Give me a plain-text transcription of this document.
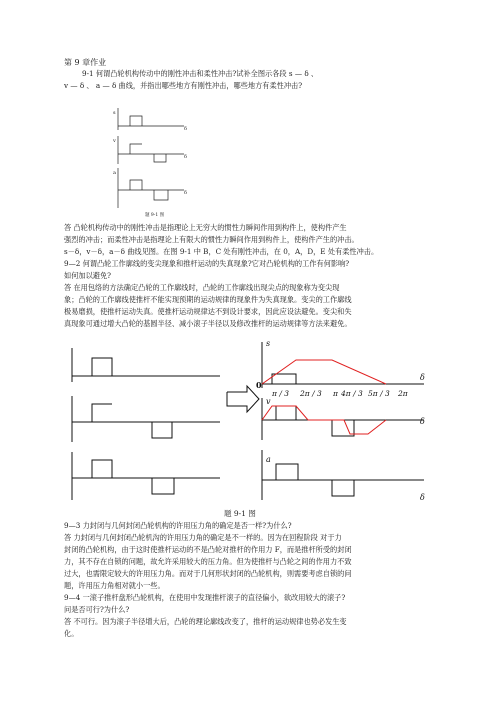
第 9 章作业
9-1 何谓凸轮机构传动中的刚性冲击和柔性冲击?试补全图示各段 s — δ 、
v — δ 、 a — δ 曲线，并指出哪些地方有刚性冲击，哪些地方有柔性冲击?
s
v
a
δ
δ
δ
题 9-1 图
答 凸轮机构传动中的刚性冲击是指理论上无穷大的惯性力瞬间作用到构件上，使构件产生
强烈的冲击；而柔性冲击是指理论上有限大的惯性力瞬间作用到构件上，使构件产生的冲击。
s－δ，v－δ，a－δ 曲线见图。在图 9-1 中 B，C 处有刚性冲击，在 0，A，D，E 处有柔性冲击。
9—2 何谓凸轮工作廓线的变尖现象和推杆运动的失真现象?它对凸轮机构的工作有何影响?
如何加以避免?
答 在用包络的方法确定凸轮的工作廓线时，凸轮的工作廓线出现尖点的现象称为变尖现
象；凸轮的工作廓线使推杆不能实现预期的运动规律的现象件为失真现象。变尖的工作廓线
极易磨损，使推杆运动失真。使推杆运动规律达不到设计要求，因此应设法避免。变尖和失
真现象可通过增大凸轮的基圆半径、减小滚子半径以及修改推杆的运动规律等方法来避免。
s
0
δ
π / 3 2π / 3 π 4π / 3 5π / 3 2π
v
δ
a
δ
题 9-1 图
9—3 力封闭与几何封闭凸轮机构的许用压力角的确定是否一样?为什么?
答 力封闭与几何封闭凸轮机沟的许用压力角的确定是不一样的。因为在回程阶段 对于力
封闭的凸轮机构，由于这时使推杆运动的不是凸轮对推杆的作用力 F，而是推杆所受的封闭
力，其不存在自锁的问题，故允许采用较大的压力角。但为使推杆与凸轮之间的作用力不致
过大，也需限定较大的许用压力角。而对于几何形状封闭的凸轮机构，则需要考虑自锁的问
题，许用压力角相对就小一些。
9—4 一滚子推杆盘形凸轮机构，在使用中发现推杆滚子的直径偏小，欲改用较大的滚子?
问是否可行?为什么?
答 不可行。因为滚子半径增大后，凸轮的理论廓线改变了，推杆的运动规律也势必发生变
化。
